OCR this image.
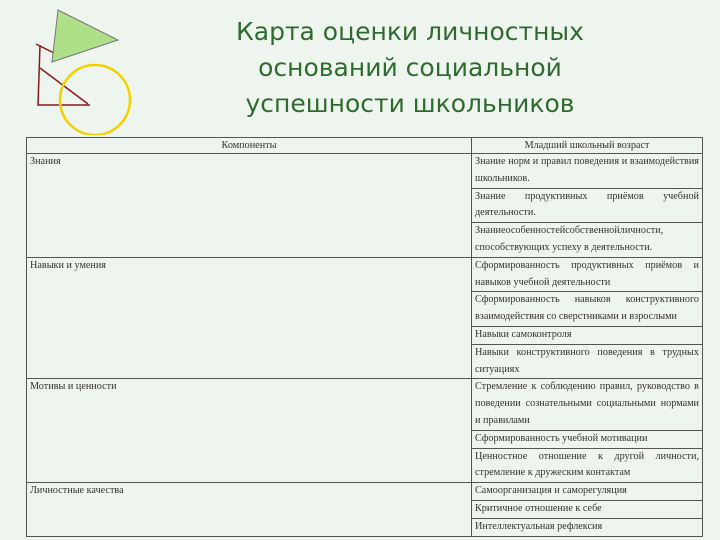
Карта оценки личностных
оснований социальной
успешности школьников
Компоненты	Младший школьный возраст
Знания	Знание норм и правил поведения и взаимодействия школьников.
	Знание продуктивных приёмов учебной деятельности.
	Знаниеособенностейсобственнойличности, способствующих успеху в деятельности.
Навыки и умения	Сформированность продуктивных приёмов и навыков учебной деятельности
	Сформированность навыков конструктивного взаимодействия со сверстниками и взрослыми
	Навыки самоконтроля
	Навыки конструктивного поведения в трудных ситуациях
Мотивы и ценности	Стремление к соблюдению правил, руководство в поведении сознательными социальными нормами и правилами
	Сформированность учебной мотивации
	Ценностное отношение к другой личности, стремление к дружеским контактам
Личностные качества	Самоорганизация и саморегуляция
	Критичное отношение к себе
	Интеллектуальная рефлексия
